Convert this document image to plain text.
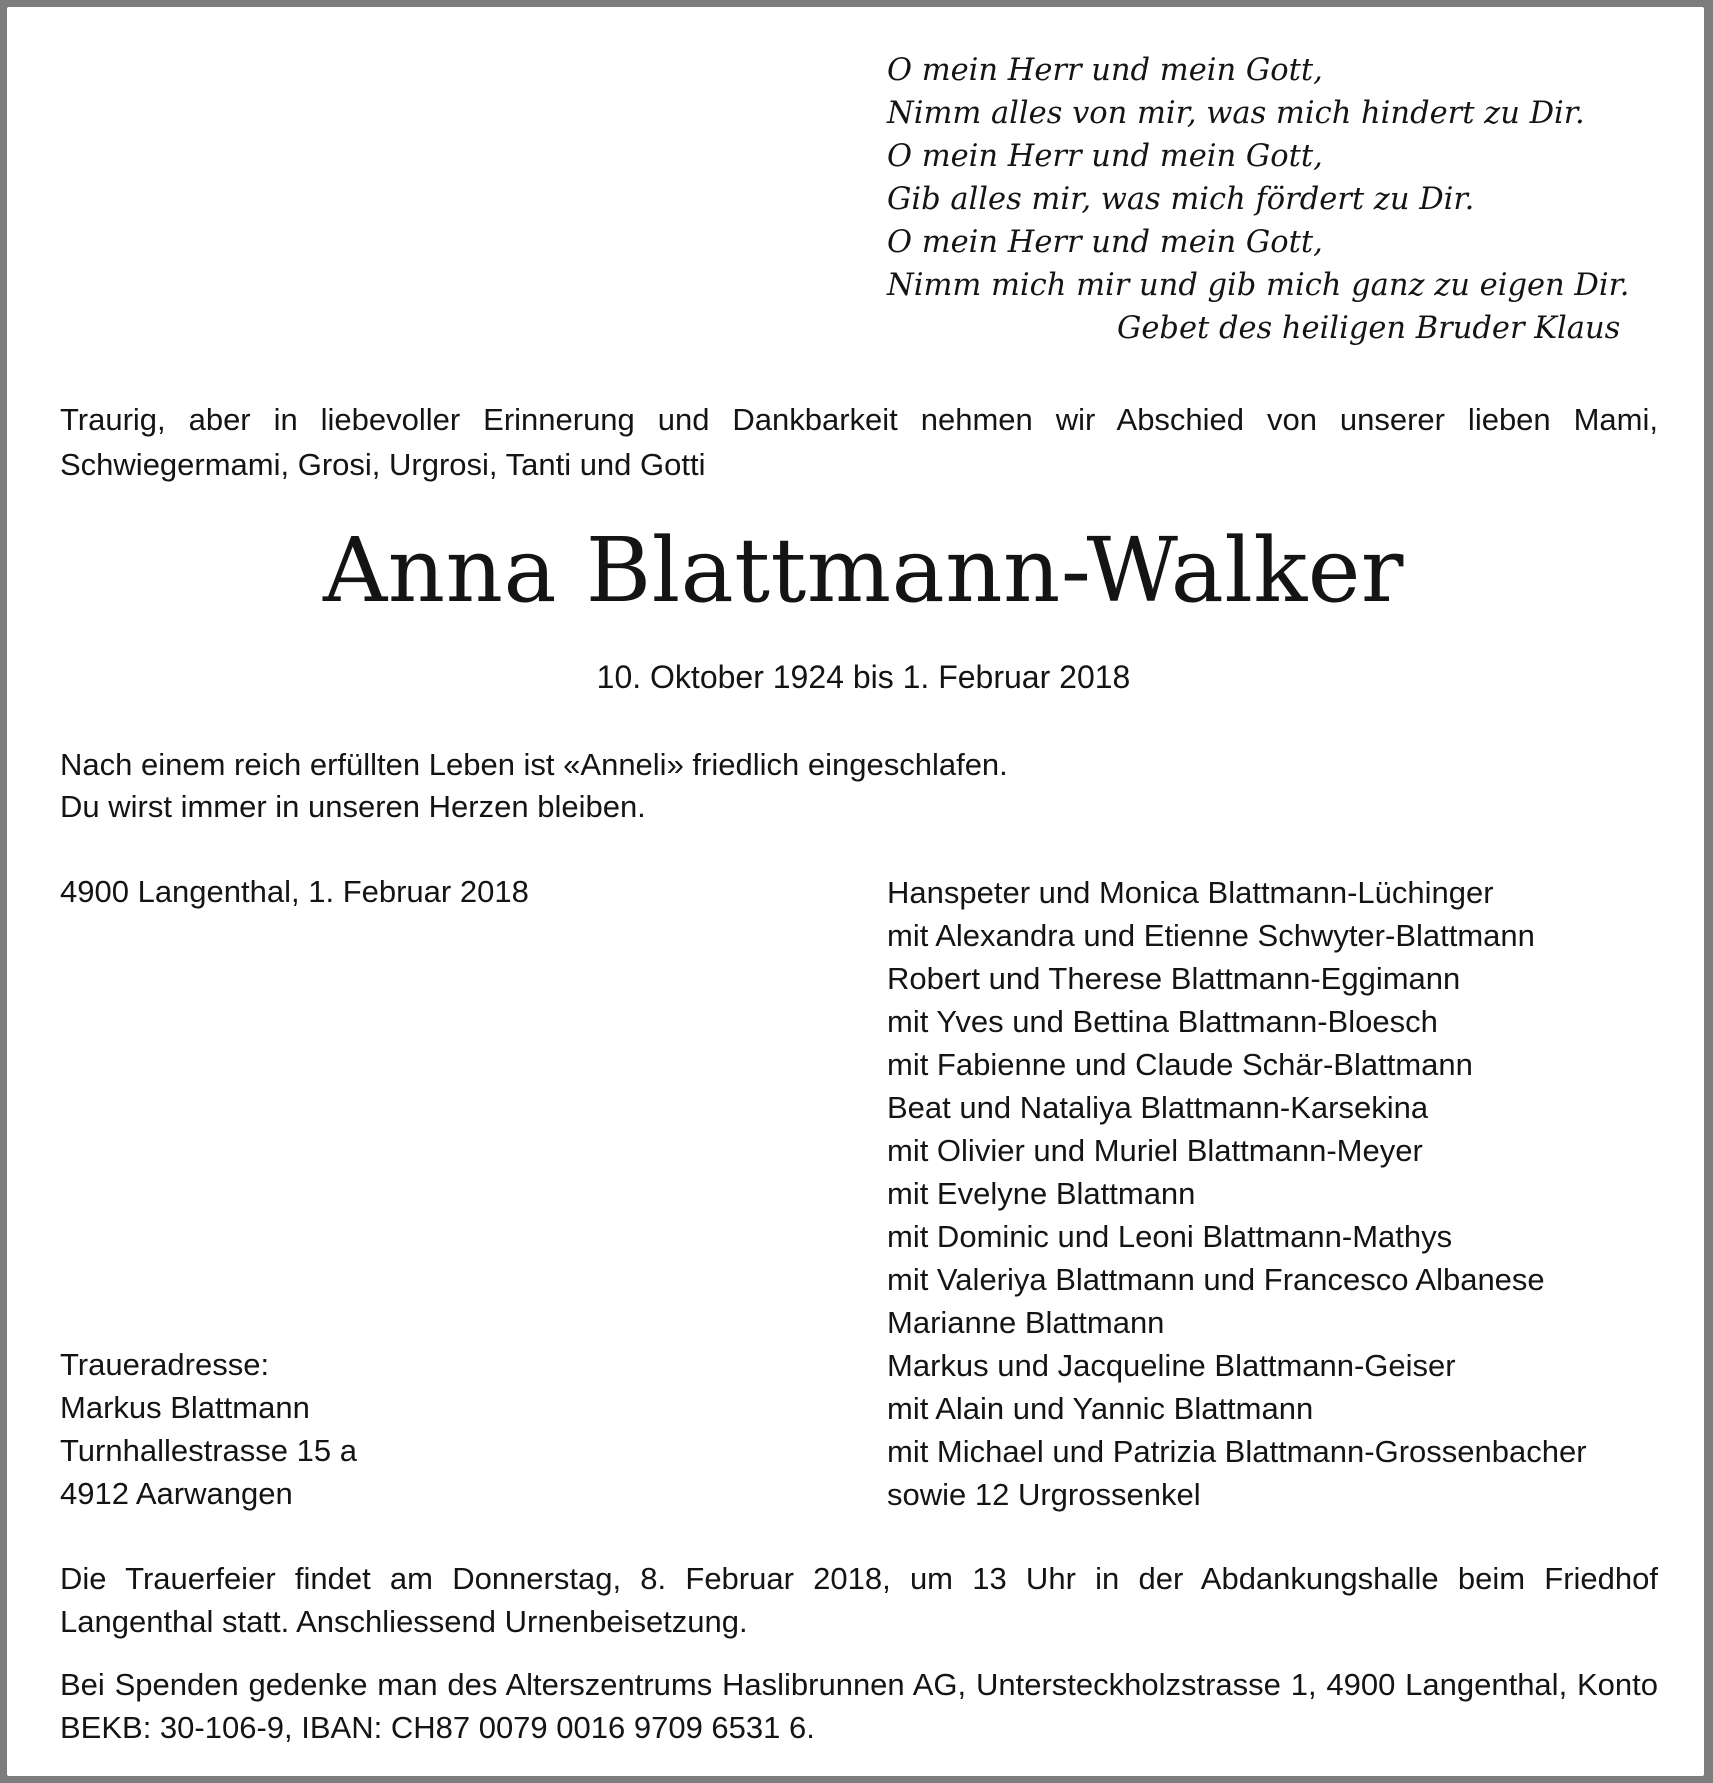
O mein Herr und mein Gott,
Nimm alles von mir, was mich hindert zu Dir.
O mein Herr und mein Gott,
Gib alles mir, was mich fördert zu Dir.
O mein Herr und mein Gott,
Nimm mich mir und gib mich ganz zu eigen Dir.
Gebet des heiligen Bruder Klaus
Traurig, aber in liebevoller Erinnerung und Dankbarkeit nehmen wir Abschied von unserer lieben Mami, Schwiegermami, Grosi, Urgrosi, Tanti und Gotti
Anna Blattmann-Walker
10. Oktober 1924 bis 1. Februar 2018
Nach einem reich erfüllten Leben ist «Anneli» friedlich eingeschlafen.
Du wirst immer in unseren Herzen bleiben.
4900 Langenthal, 1. Februar 2018	Hanspeter und Monica Blattmann-Lüchinger
mit Alexandra und Etienne Schwyter-Blattmann
Robert und Therese Blattmann-Eggimann
mit Yves und Bettina Blattmann-Bloesch
mit Fabienne und Claude Schär-Blattmann
Beat und Nataliya Blattmann-Karsekina
mit Olivier und Muriel Blattmann-Meyer
mit Evelyne Blattmann
mit Dominic und Leoni Blattmann-Mathys
mit Valeriya Blattmann und Francesco Albanese
Marianne Blattmann
Markus und Jacqueline Blattmann-Geiser
mit Alain und Yannic Blattmann
mit Michael und Patrizia Blattmann-Grossenbacher
sowie 12 Urgrossenkel
Traueradresse:
Markus Blattmann
Turnhallestrasse 15 a
4912 Aarwangen
Die Trauerfeier findet am Donnerstag, 8. Februar 2018, um 13 Uhr in der Abdankungshalle beim Friedhof Langenthal statt. Anschliessend Urnenbeisetzung.
Bei Spenden gedenke man des Alterszentrums Haslibrunnen AG, Untersteckholzstrasse 1, 4900 Langenthal, Konto BEKB: 30-106-9, IBAN: CH87 0079 0016 9709 6531 6.
